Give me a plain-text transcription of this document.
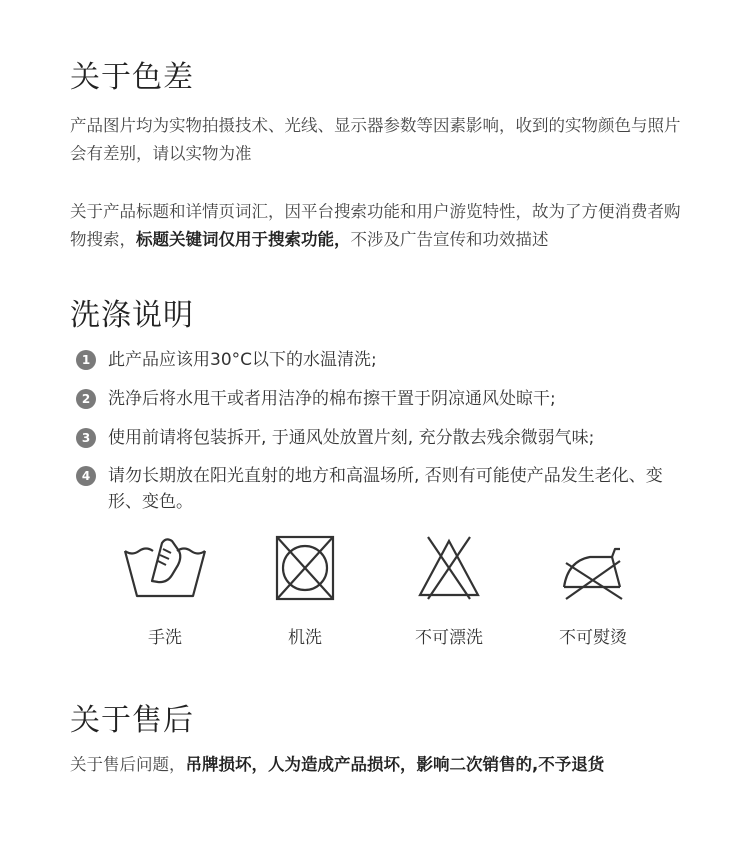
关于色差
产品图片均为实物拍摄技术、光线、显示器参数等因素影响，收到的实物颜色与照片会有差别，请以实物为准
关于产品标题和详情页词汇，因平台搜索功能和用户游览特性，故为了方便消费者购物搜索，标题关键词仅用于搜索功能，不涉及广告宣传和功效描述
洗涤说明
1	此产品应该用30°C以下的水温清洗;
2	洗净后将水甩干或者用洁净的棉布擦干置于阴凉通风处晾干;
3	使用前请将包装拆开, 于通风处放置片刻, 充分散去残余微弱气味;
4	请勿长期放在阳光直射的地方和高温场所, 否则有可能使产品发生老化、变形、变色。
手洗	机洗	不可漂洗	不可熨烫
关于售后
关于售后问题，吊牌损坏，人为造成产品损坏，影响二次销售的,不予退货
